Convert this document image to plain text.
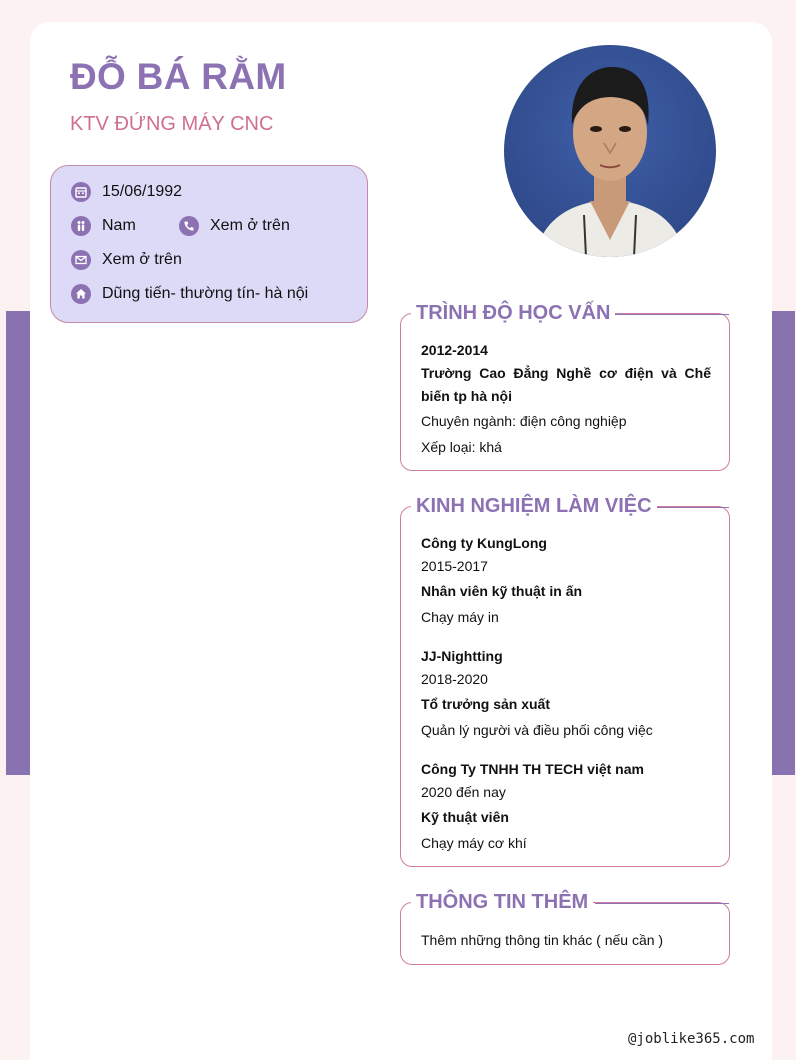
ĐỖ BÁ RẰM
KTV ĐỨNG MÁY CNC
15/06/1992
Nam	Xem ở trên
Xem ở trên
Dũng tiến- thường tín- hà nội
TRÌNH ĐỘ HỌC VẤN
2012-2014
Trường Cao Đẳng Nghề cơ điện và Chế biến tp hà nội
Chuyên ngành: điện công nghiệp
Xếp loại: khá
KINH NGHIỆM LÀM VIỆC
Công ty KungLong
2015-2017
Nhân viên kỹ thuật in ấn
Chạy máy in
JJ-Nightting
2018-2020
Tổ trưởng sản xuất
Quản lý người và điều phối công việc
Công Ty TNHH TH TECH việt nam
2020 đến nay
Kỹ thuật viên
Chạy máy cơ khí
THÔNG TIN THÊM
Thêm những thông tin khác ( nếu cần )
@joblike365.com
